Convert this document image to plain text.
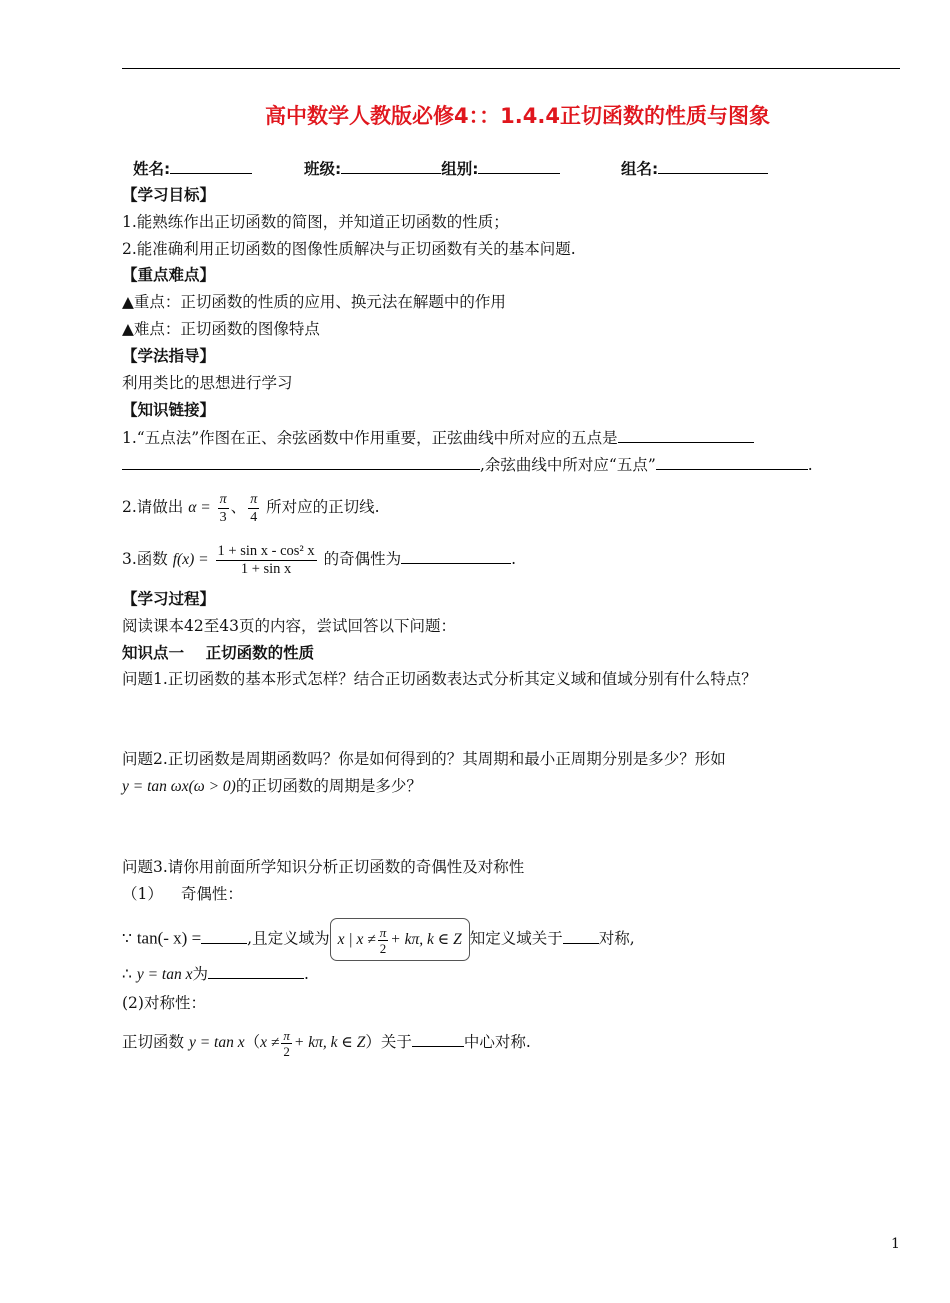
高中数学人教版必修4：：1.4.4正切函数的性质与图象
姓名:	班级:	组别:	组名:
【学习目标】
1.能熟练作出正切函数的简图，并知道正切函数的性质；
2.能准确利用正切函数的图像性质解决与正切函数有关的基本问题.
【重点难点】
▲重点：正切函数的性质的应用、换元法在解题中的作用
▲难点：正切函数的图像特点
【学法指导】
利用类比的思想进行学习
【知识链接】
1.“五点法”作图在正、余弦函数中作用重要，正弦曲线中所对应的五点是
,余弦曲线中所对应“五点”	.
2.请做出 $\alpha = \frac{\pi}{3}$ 、 $\frac{\pi}{4}$ 所对应的正切线.
3.函数 $f(x) = \frac{\text{1 + sin x - cos² x}}{\text{1 + sin x}}$ 的奇偶性为	.
【学习过程】
阅读课本42至43页的内容，尝试回答以下问题：
知识点一    正切函数的性质
问题1.正切函数的基本形式怎样？结合正切函数表达式分析其定义域和值域分别有什么特点？
问题2.正切函数是周期函数吗？你是如何得到的？其周期和最小正周期分别是多少？形如
y = tan ωx(ω > 0)的正切函数的周期是多少？
问题3.请你用前面所学知识分析正切函数的奇偶性及对称性
（1） 奇偶性：
∵ tan(- x) =	,且定义域为 x | $x \ne \frac{\pi}{2} + k\pi$, k ∈ Z 知定义域关于 对称,
∴ y = tan x为	.
(2)对称性：
正切函数 $y = \tan x(x \ne \frac{\pi}{2} + k\pi$, k ∈ Z）关于	中心对称.
1
